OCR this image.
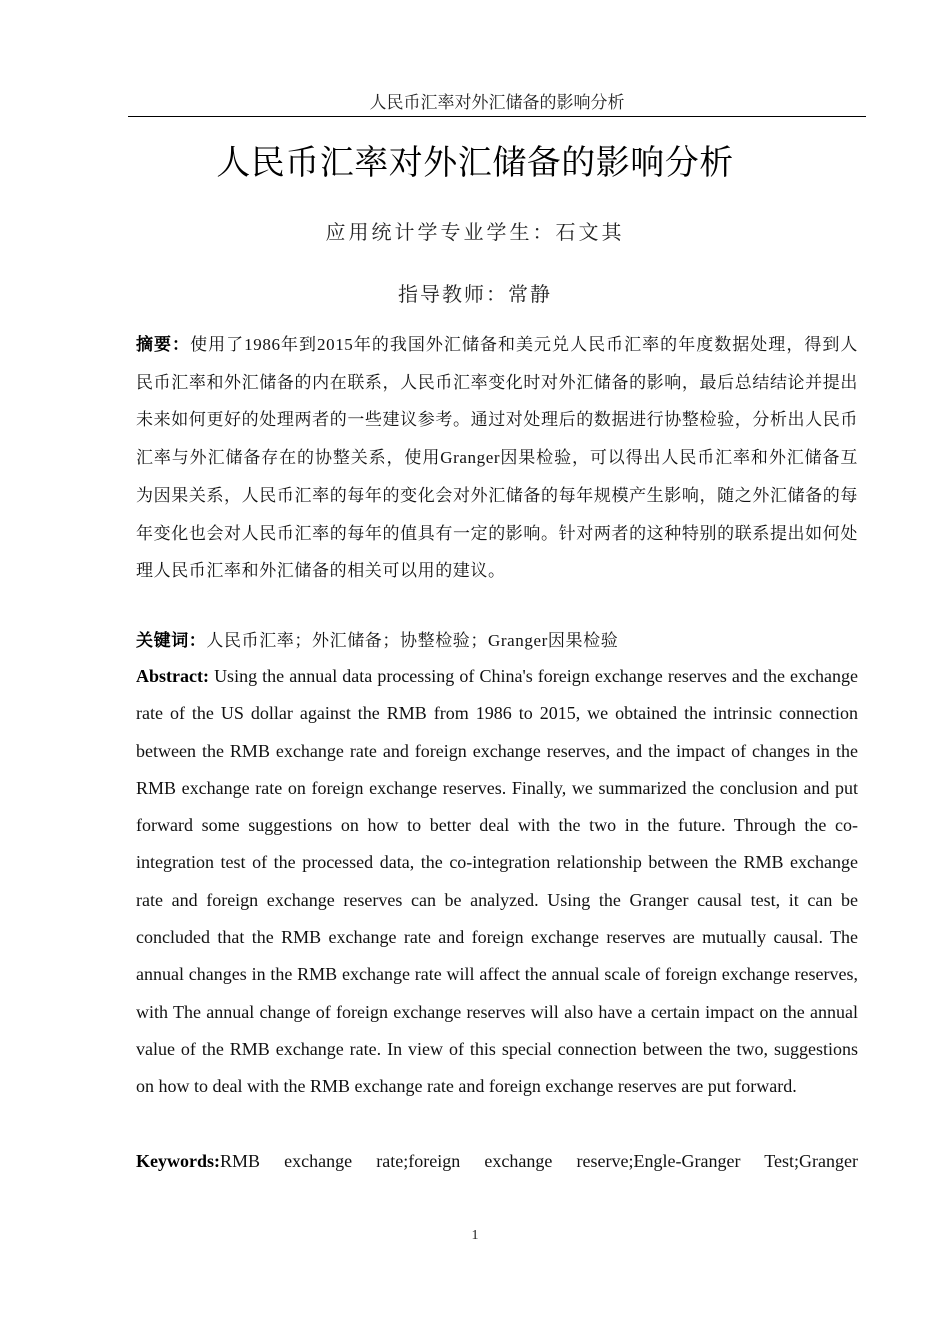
人民币汇率对外汇储备的影响分析
人民币汇率对外汇储备的影响分析
应用统计学专业学生：石文其
指导教师：常静
摘要：使用了1986年到2015年的我国外汇储备和美元兑人民币汇率的年度数据处理，得到人民币汇率和外汇储备的内在联系，人民币汇率变化时对外汇储备的影响，最后总结结论并提出未来如何更好的处理两者的一些建议参考。通过对处理后的数据进行协整检验，分析出人民币汇率与外汇储备存在的协整关系，使用Granger因果检验，可以得出人民币汇率和外汇储备互为因果关系，人民币汇率的每年的变化会对外汇储备的每年规模产生影响，随之外汇储备的每年变化也会对人民币汇率的每年的值具有一定的影响。针对两者的这种特别的联系提出如何处理人民币汇率和外汇储备的相关可以用的建议。
关键词：人民币汇率；外汇储备；协整检验；Granger因果检验
Abstract: Using the annual data processing of China's foreign exchange reserves and the exchange rate of the US dollar against the RMB from 1986 to 2015, we obtained the intrinsic connection between the RMB exchange rate and foreign exchange reserves, and the impact of changes in the RMB exchange rate on foreign exchange reserves. Finally, we summarized the conclusion and put forward some suggestions on how to better deal with the two in the future. Through the co-integration test of the processed data, the co-integration relationship between the RMB exchange rate and foreign exchange reserves can be analyzed. Using the Granger causal test, it can be concluded that the RMB exchange rate and foreign exchange reserves are mutually causal. The annual changes in the RMB exchange rate will affect the annual scale of foreign exchange reserves, with The annual change of foreign exchange reserves will also have a certain impact on the annual value of the RMB exchange rate. In view of this special connection between the two, suggestions on how to deal with the RMB exchange rate and foreign exchange reserves are put forward.
Keywords:RMB exchange rate;foreign exchange reserve;Engle-Granger Test;Granger
1
